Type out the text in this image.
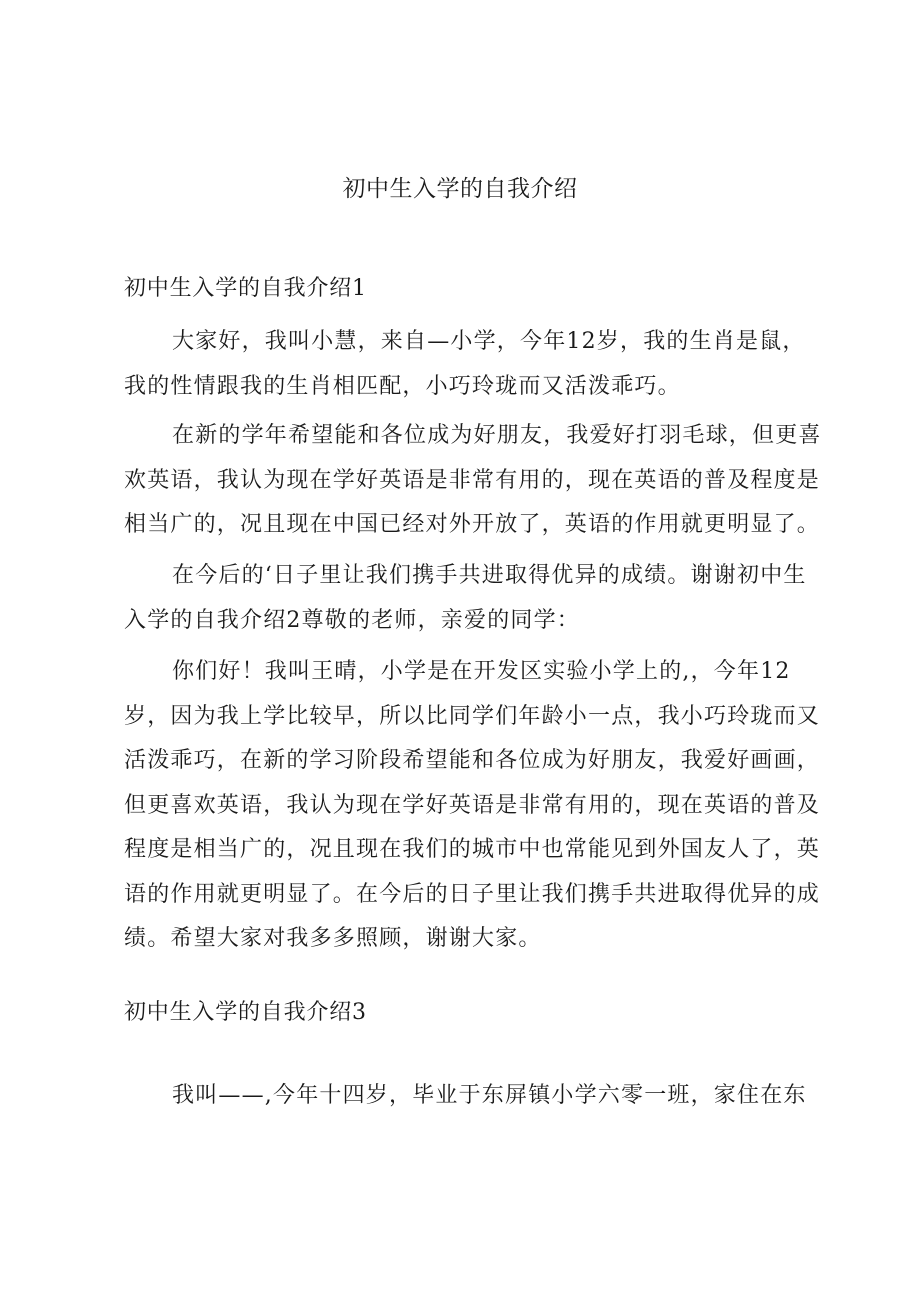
初中生入学的自我介绍

初中生入学的自我介绍1

大家好，我叫小慧，来自—小学，今年12岁，我的生肖是鼠，我的性情跟我的生肖相匹配，小巧玲珑而又活泼乖巧。

在新的学年希望能和各位成为好朋友，我爱好打羽毛球，但更喜欢英语，我认为现在学好英语是非常有用的，现在英语的普及程度是相当广的，况且现在中国已经对外开放了，英语的作用就更明显了。

在今后的‘日子里让我们携手共进取得优异的成绩。谢谢初中生入学的自我介绍2尊敬的老师，亲爱的同学：

你们好！我叫王晴，小学是在开发区实验小学上的,，今年12岁，因为我上学比较早，所以比同学们年龄小一点，我小巧玲珑而又活泼乖巧，在新的学习阶段希望能和各位成为好朋友，我爱好画画，但更喜欢英语，我认为现在学好英语是非常有用的，现在英语的普及程度是相当广的，况且现在我们的城市中也常能见到外国友人了，英语的作用就更明显了。在今后的日子里让我们携手共进取得优异的成绩。希望大家对我多多照顾，谢谢大家。

初中生入学的自我介绍3

我叫——,今年十四岁，毕业于东屏镇小学六零一班，家住在东
